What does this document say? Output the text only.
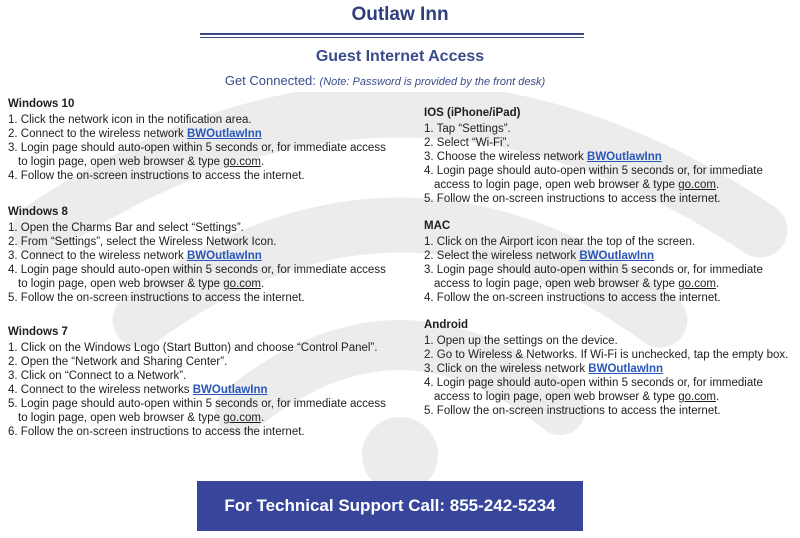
Outlaw Inn
Guest Internet Access
Get Connected: (Note: Password is provided by the front desk)
Windows 10
1. Click the network icon in the notification area.
2. Connect to the wireless network BWOutlawInn
3. Login page should auto-open within 5 seconds or, for immediate access to login page, open web browser & type go.com.
4. Follow the on-screen instructions to access the internet.
Windows 8
1. Open the Charms Bar and select “Settings”.
2. From “Settings”, select the Wireless Network Icon.
3. Connect to the wireless network BWOutlawInn
4. Login page should auto-open within 5 seconds or, for immediate access to login page, open web browser & type go.com.
5. Follow the on-screen instructions to access the internet.
Windows 7
1. Click on the Windows Logo (Start Button) and choose “Control Panel”.
2. Open the “Network and Sharing Center”.
3. Click on “Connect to a Network”.
4. Connect to the wireless networks BWOutlawInn
5. Login page should auto-open within 5 seconds or, for immediate access to login page, open web browser & type go.com.
6. Follow the on-screen instructions to access the internet.
IOS (iPhone/iPad)
1. Tap “Settings”.
2. Select “Wi-Fi”.
3. Choose the wireless network BWOutlawInn
4. Login page should auto-open within 5 seconds or, for immediate access to login page, open web browser & type go.com.
5. Follow the on-screen instructions to access the internet.
MAC
1. Click on the Airport icon near the top of the screen.
2. Select the wireless network BWOutlawInn
3. Login page should auto-open within 5 seconds or, for immediate access to login page, open web browser & type go.com.
4. Follow the on-screen instructions to access the internet.
Android
1. Open up the settings on the device.
2. Go to Wireless & Networks. If Wi-Fi is unchecked, tap the empty box.
3. Click on the wireless network BWOutlawInn
4. Login page should auto-open within 5 seconds or, for immediate access to login page, open web browser & type go.com.
5. Follow the on-screen instructions to access the internet.
For Technical Support Call: 855-242-5234
